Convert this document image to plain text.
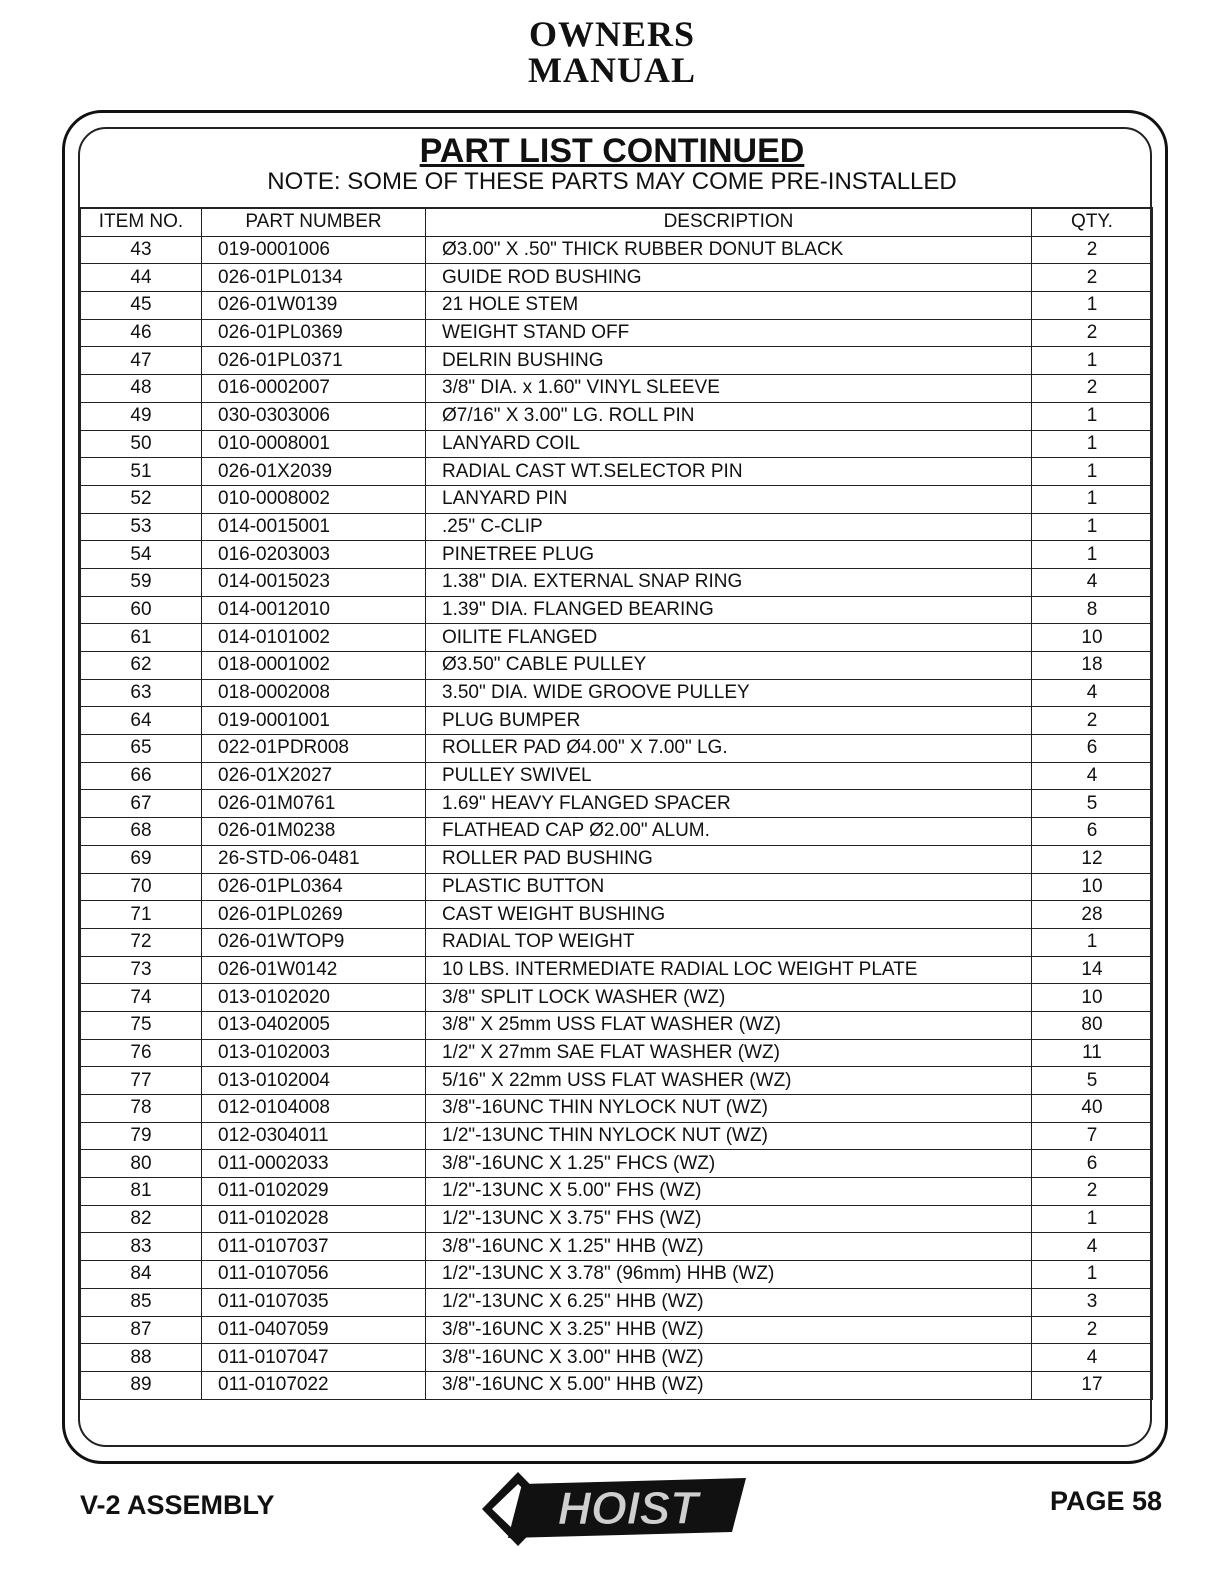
OWNERS
MANUAL
PART LIST CONTINUED
NOTE: SOME OF THESE PARTS MAY COME PRE-INSTALLED
ITEM NO.	PART NUMBER	DESCRIPTION	QTY.
43	019-0001006	Ø3.00" X .50" THICK RUBBER DONUT BLACK	2
44	026-01PL0134	GUIDE ROD BUSHING	2
45	026-01W0139	21 HOLE STEM	1
46	026-01PL0369	WEIGHT STAND OFF	2
47	026-01PL0371	DELRIN BUSHING	1
48	016-0002007	3/8" DIA. x 1.60" VINYL SLEEVE	2
49	030-0303006	Ø7/16" X 3.00" LG. ROLL PIN	1
50	010-0008001	LANYARD COIL	1
51	026-01X2039	RADIAL CAST WT.SELECTOR PIN	1
52	010-0008002	LANYARD PIN	1
53	014-0015001	.25" C-CLIP	1
54	016-0203003	PINETREE PLUG	1
59	014-0015023	1.38" DIA. EXTERNAL SNAP RING	4
60	014-0012010	1.39" DIA. FLANGED BEARING	8
61	014-0101002	OILITE FLANGED	10
62	018-0001002	Ø3.50" CABLE PULLEY	18
63	018-0002008	3.50" DIA. WIDE GROOVE PULLEY	4
64	019-0001001	PLUG BUMPER	2
65	022-01PDR008	ROLLER PAD Ø4.00" X 7.00" LG.	6
66	026-01X2027	PULLEY SWIVEL	4
67	026-01M0761	1.69" HEAVY FLANGED SPACER	5
68	026-01M0238	FLATHEAD CAP Ø2.00" ALUM.	6
69	26-STD-06-0481	ROLLER PAD BUSHING	12
70	026-01PL0364	PLASTIC BUTTON	10
71	026-01PL0269	CAST WEIGHT BUSHING	28
72	026-01WTOP9	RADIAL TOP WEIGHT	1
73	026-01W0142	10 LBS. INTERMEDIATE RADIAL LOC WEIGHT PLATE	14
74	013-0102020	3/8" SPLIT LOCK WASHER (WZ)	10
75	013-0402005	3/8" X 25mm USS FLAT WASHER (WZ)	80
76	013-0102003	1/2" X 27mm SAE FLAT WASHER (WZ)	11
77	013-0102004	5/16" X 22mm USS FLAT WASHER (WZ)	5
78	012-0104008	3/8"-16UNC THIN NYLOCK NUT (WZ)	40
79	012-0304011	1/2"-13UNC THIN NYLOCK NUT (WZ)	7
80	011-0002033	3/8"-16UNC X 1.25" FHCS (WZ)	6
81	011-0102029	1/2"-13UNC X 5.00" FHS (WZ)	2
82	011-0102028	1/2"-13UNC X 3.75" FHS (WZ)	1
83	011-0107037	3/8"-16UNC X 1.25" HHB (WZ)	4
84	011-0107056	1/2"-13UNC X 3.78" (96mm) HHB (WZ)	1
85	011-0107035	1/2"-13UNC X 6.25" HHB (WZ)	3
87	011-0407059	3/8"-16UNC X 3.25" HHB (WZ)	2
88	011-0107047	3/8"-16UNC X 3.00" HHB (WZ)	4
89	011-0107022	3/8"-16UNC X 5.00" HHB (WZ)	17

V-2 ASSEMBLY	HOIST	PAGE 58
